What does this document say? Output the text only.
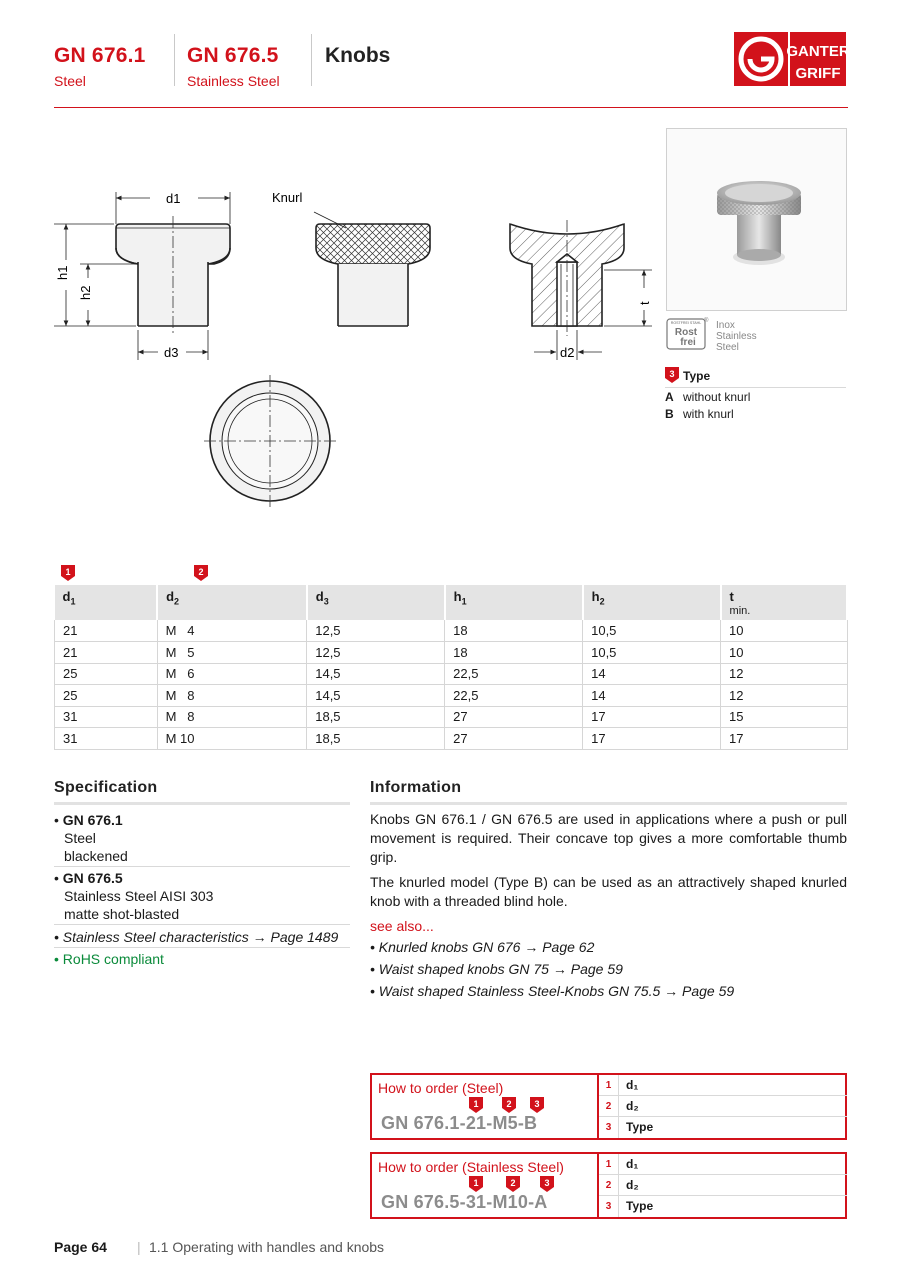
GN 676.1
Steel
GN 676.5
Stainless Steel
Knobs	GANTER
GRIFF
d1
h1
h2
d3
Knurl
t
d2
ROSTFREI STAHL
Rost
frei
® Inox
Stainless
Steel
3 Type
A without knurl
B with knurl
1	2
$d_1$	$d_2$	$d_3$	$h_1$	$h_2$	t
min.

21	M   4	12,5	18	10,5	10
21	M   5	12,5	18	10,5	10
25	M   6	14,5	22,5	14	12
25	M   8	14,5	22,5	14	12
31	M   8	18,5	27	17	15
31	M 10	18,5	27	17	17
Specification
• GN 676.1
Steel
blackened
• GN 676.5
Stainless Steel AISI 303
matte shot-blasted
• Stainless Steel characteristics → Page 1489
• RoHS compliant
Information

Knobs GN 676.1 / GN 676.5 are used in applications where a push or pull movement is required. Their concave top gives a more comfortable thumb grip.

The knurled model (Type B) can be used as an attractively shaped knurled knob with a threaded blind hole.

see also...

• Knurled knobs GN 676 → Page 62
• Waist shaped knobs GN 75 → Page 59
• Waist shaped Stainless Steel-Knobs GN 75.5 → Page 59
How to order (Steel)
1	2	3
GN 676.1-21-M5-B
1	d₁
2	d₂
3	Type
How to order (Stainless Steel)
1	2	3
GN 676.5-31-M10-A
1	d₁
2	d₂
3	Type
Page 64 | 1.1 Operating with handles and knobs
